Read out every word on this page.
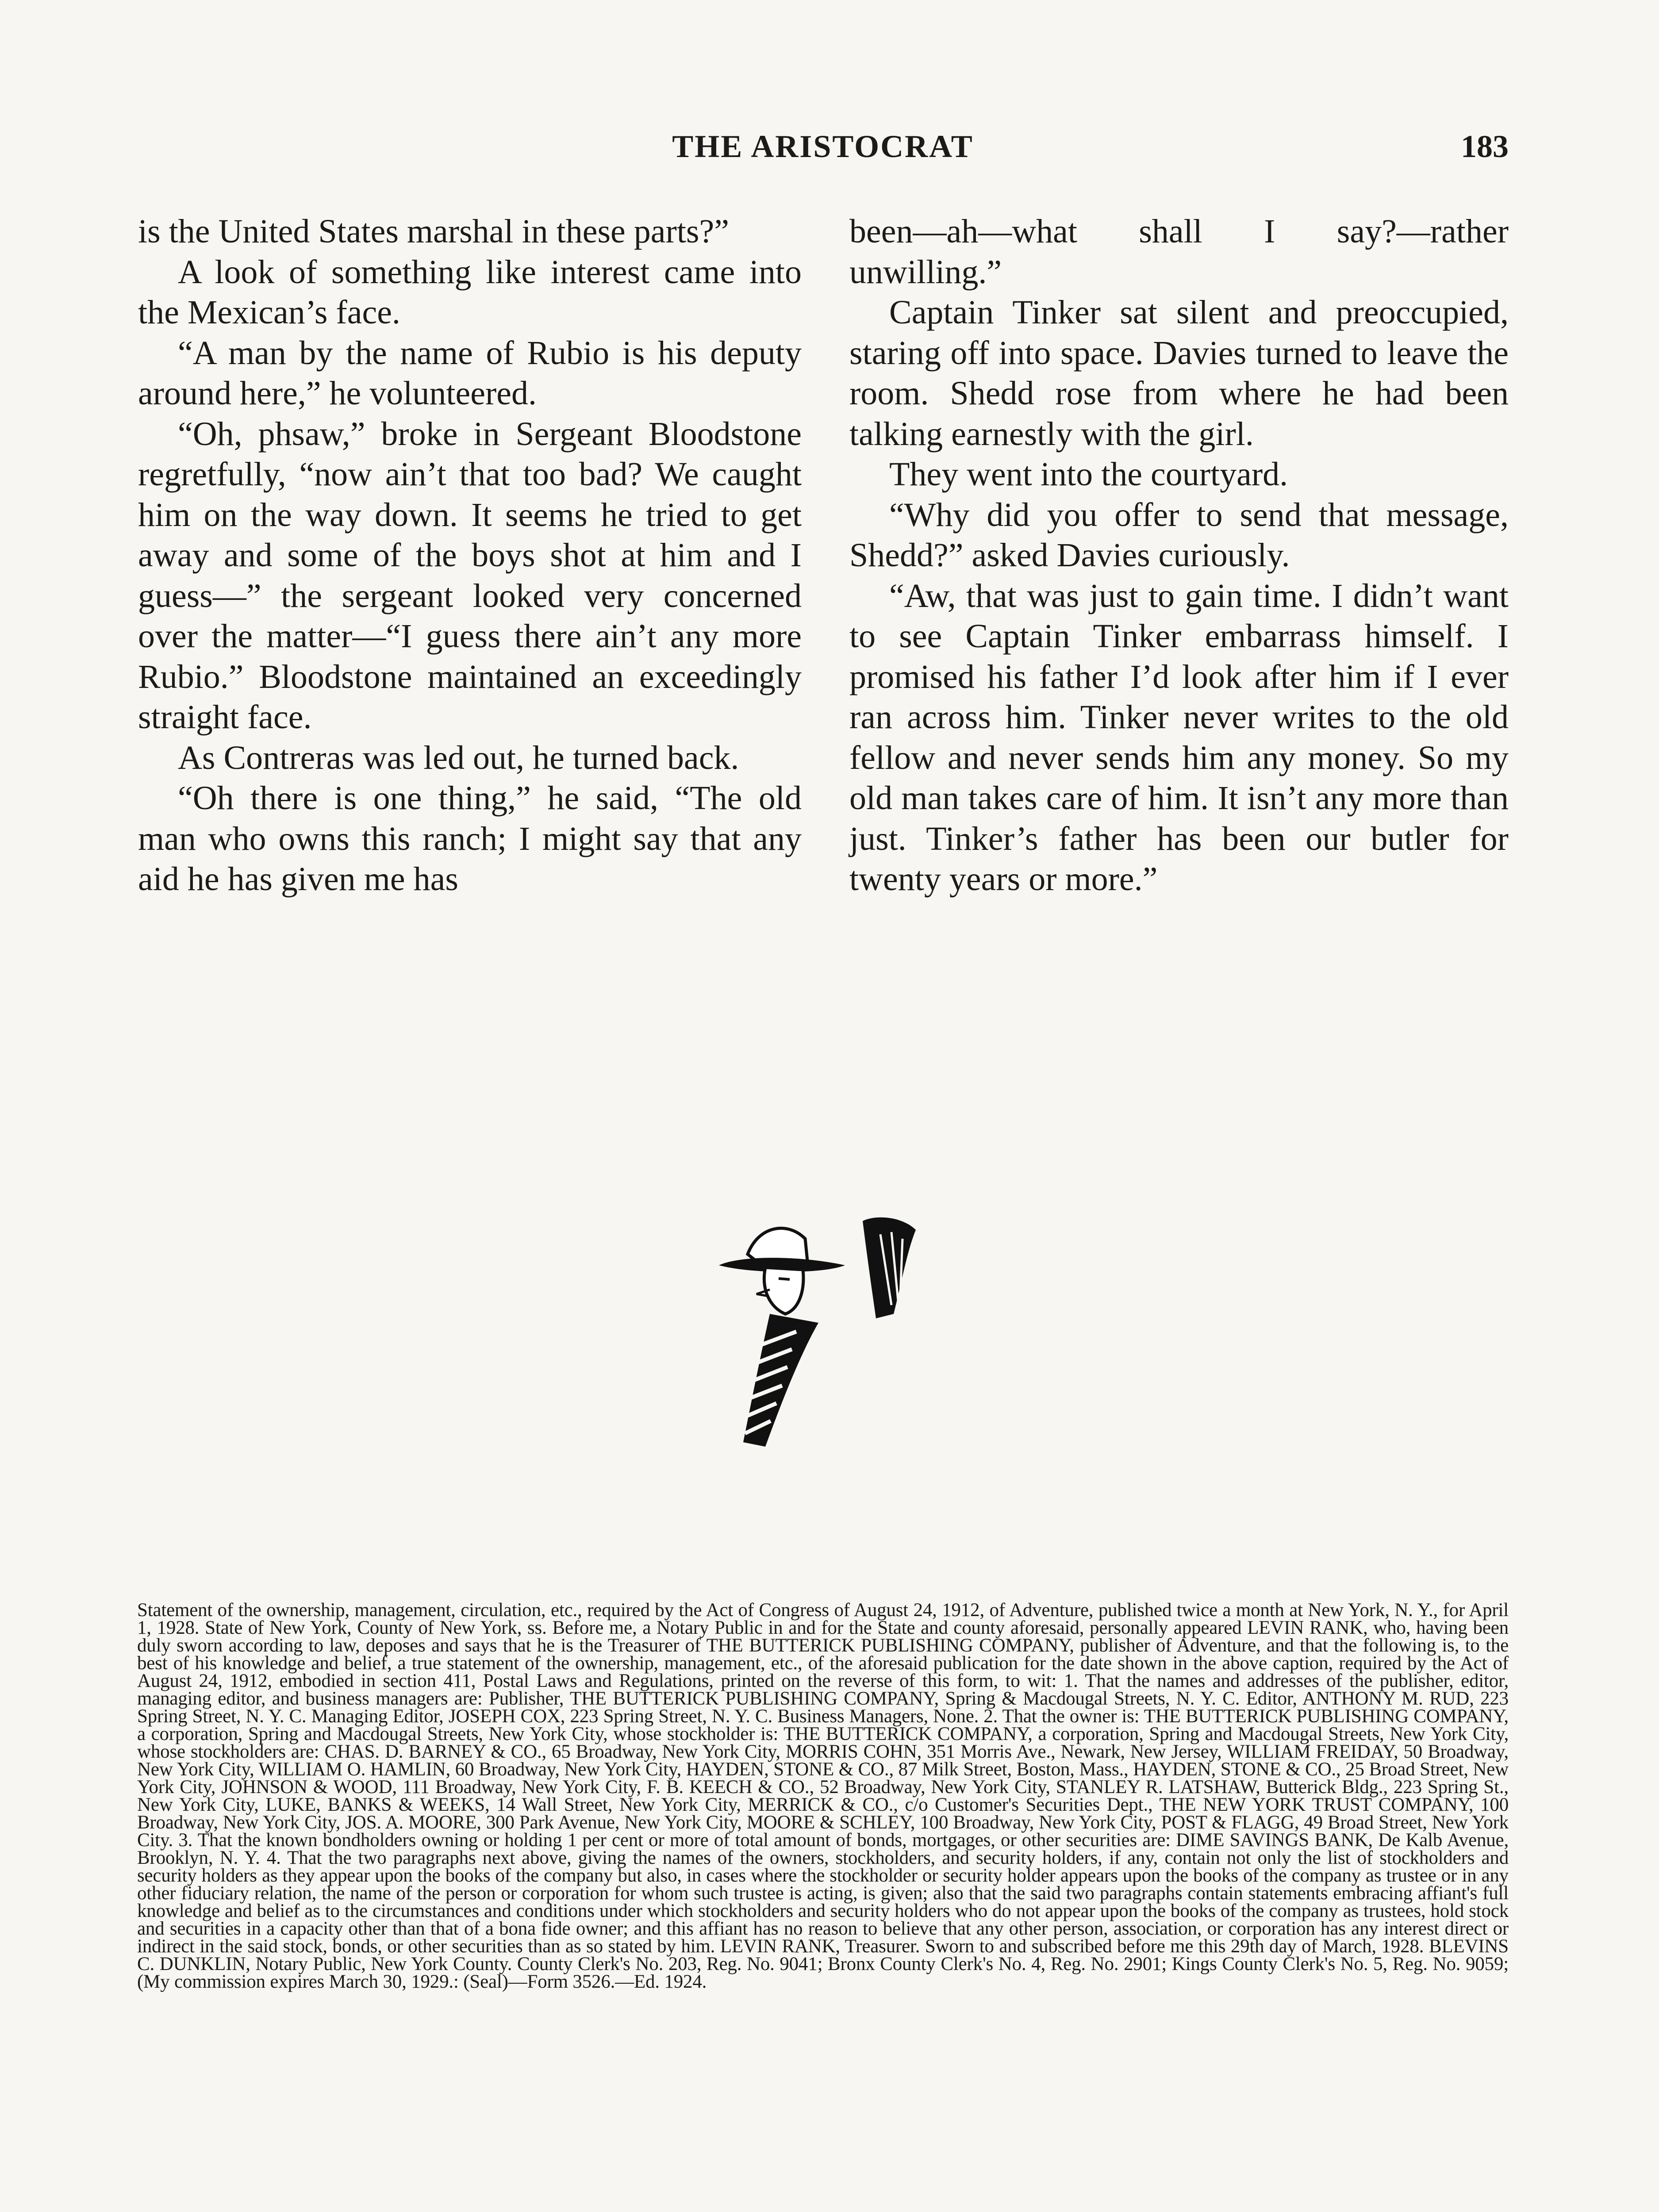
THE ARISTOCRAT	183

is the United States marshal in these parts?”

A look of something like interest came into the Mexican’s face.

“A man by the name of Rubio is his deputy around here,” he volunteered.

“Oh, phsaw,” broke in Sergeant Bloodstone regretfully, “now ain’t that too bad? We caught him on the way down. It seems he tried to get away and some of the boys shot at him and I guess—” the sergeant looked very concerned over the matter—“I guess there ain’t any more Rubio.” Bloodstone maintained an exceedingly straight face.

As Contreras was led out, he turned back.

“Oh there is one thing,” he said, “The old man who owns this ranch; I might say that any aid he has given me has

been—ah—what shall I say?—rather unwilling.”

Captain Tinker sat silent and preoccupied, staring off into space. Davies turned to leave the room. Shedd rose from where he had been talking earnestly with the girl.

They went into the courtyard.

“Why did you offer to send that message, Shedd?” asked Davies curiously.

“Aw, that was just to gain time. I didn’t want to see Captain Tinker embarrass himself. I promised his father I’d look after him if I ever ran across him. Tinker never writes to the old fellow and never sends him any money. So my old man takes care of him. It isn’t any more than just. Tinker’s father has been our butler for twenty years or more.”

Statement of the ownership, management, circulation, etc., required by the Act of Congress of August 24, 1912, of Adventure, published twice a month at New York, N. Y., for April 1, 1928. State of New York, County of New York, ss. Before me, a Notary Public in and for the State and county aforesaid, personally appeared LEVIN RANK, who, having been duly sworn according to law, deposes and says that he is the Treasurer of THE BUTTERICK PUBLISHING COMPANY, publisher of Adventure, and that the following is, to the best of his knowledge and belief, a true statement of the ownership, management, etc., of the aforesaid publication for the date shown in the above caption, required by the Act of August 24, 1912, embodied in section 411, Postal Laws and Regulations, printed on the reverse of this form, to wit: 1. That the names and addresses of the publisher, editor, managing editor, and business managers are: Publisher, THE BUTTERICK PUBLISHING COMPANY, Spring & Macdougal Streets, N. Y. C. Editor, ANTHONY M. RUD, 223 Spring Street, N. Y. C. Managing Editor, JOSEPH COX, 223 Spring Street, N. Y. C. Business Managers, None. 2. That the owner is: THE BUTTERICK PUBLISHING COMPANY, a corporation, Spring and Macdougal Streets, New York City, whose stockholder is: THE BUTTERICK COMPANY, a corporation, Spring and Macdougal Streets, New York City, whose stockholders are: CHAS. D. BARNEY & CO., 65 Broadway, New York City, MORRIS COHN, 351 Morris Ave., Newark, New Jersey, WILLIAM FREIDAY, 50 Broadway, New York City, WILLIAM O. HAMLIN, 60 Broadway, New York City, HAYDEN, STONE & CO., 87 Milk Street, Boston, Mass., HAYDEN, STONE & CO., 25 Broad Street, New York City, JOHNSON & WOOD, 111 Broadway, New York City, F. B. KEECH & CO., 52 Broadway, New York City, STANLEY R. LATSHAW, Butterick Bldg., 223 Spring St., New York City, LUKE, BANKS & WEEKS, 14 Wall Street, New York City, MERRICK & CO., c/o Customer's Securities Dept., THE NEW YORK TRUST COMPANY, 100 Broadway, New York City, JOS. A. MOORE, 300 Park Avenue, New York City, MOORE & SCHLEY, 100 Broadway, New York City, POST & FLAGG, 49 Broad Street, New York City. 3. That the known bondholders owning or holding 1 per cent or more of total amount of bonds, mortgages, or other securities are: DIME SAVINGS BANK, De Kalb Avenue, Brooklyn, N. Y. 4. That the two paragraphs next above, giving the names of the owners, stockholders, and security holders, if any, contain not only the list of stockholders and security holders as they appear upon the books of the company but also, in cases where the stockholder or security holder appears upon the books of the company as trustee or in any other fiduciary relation, the name of the person or corporation for whom such trustee is acting, is given; also that the said two paragraphs contain statements embracing affiant's full knowledge and belief as to the circumstances and conditions under which stockholders and security holders who do not appear upon the books of the company as trustees, hold stock and securities in a capacity other than that of a bona fide owner; and this affiant has no reason to believe that any other person, association, or corporation has any interest direct or indirect in the said stock, bonds, or other securities than as so stated by him. LEVIN RANK, Treasurer. Sworn to and subscribed before me this 29th day of March, 1928. BLEVINS C. DUNKLIN, Notary Public, New York County. County Clerk's No. 203, Reg. No. 9041; Bronx County Clerk's No. 4, Reg. No. 2901; Kings County Clerk's No. 5, Reg. No. 9059; (My commission expires March 30, 1929.: (Seal)—Form 3526.—Ed. 1924.
